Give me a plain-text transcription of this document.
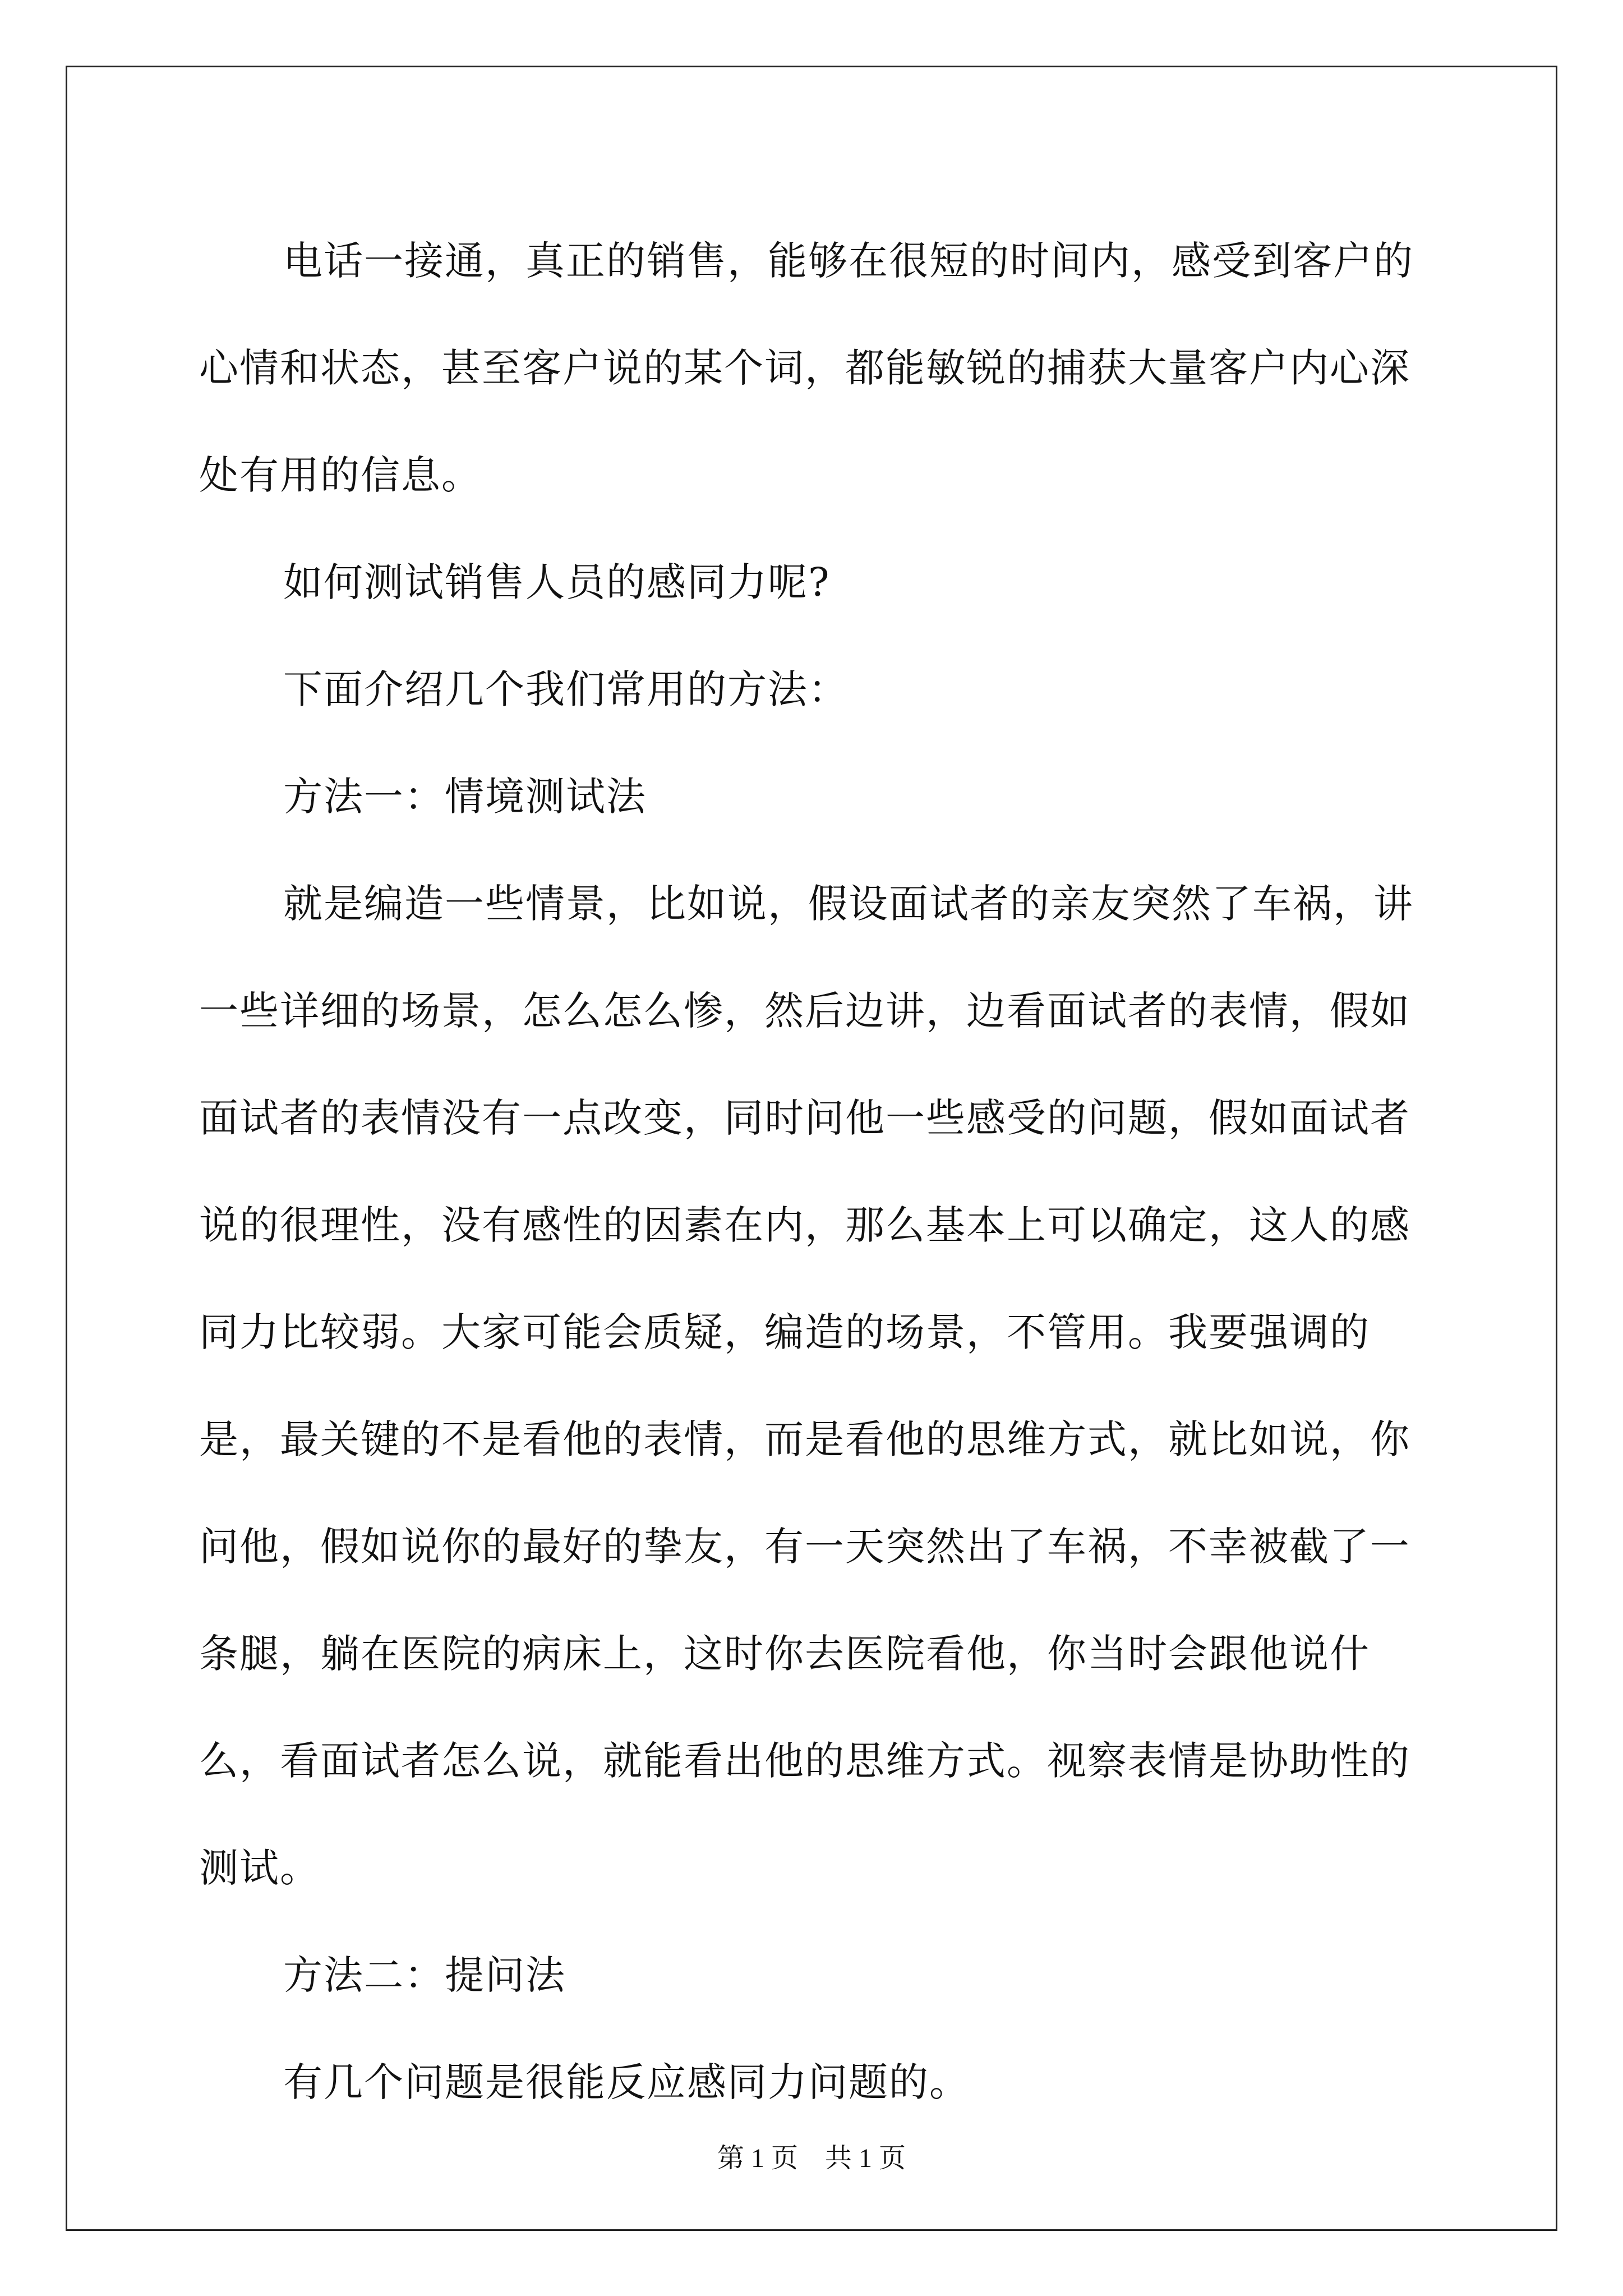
电话一接通，真正的销售，能够在很短的时间内，感受到客户的心情和状态，甚至客户说的某个词，都能敏锐的捕获大量客户内心深处有用的信息。

如何测试销售人员的感同力呢?

下面介绍几个我们常用的方法：

方法一：情境测试法

就是编造一些情景，比如说，假设面试者的亲友突然了车祸，讲一些详细的场景，怎么怎么惨，然后边讲，边看面试者的表情，假如面试者的表情没有一点改变，同时问他一些感受的问题，假如面试者说的很理性，没有感性的因素在内，那么基本上可以确定，这人的感同力比较弱。大家可能会质疑，编造的场景，不管用。我要强调的是，最关键的不是看他的表情，而是看他的思维方式，就比如说，你问他，假如说你的最好的挚友，有一天突然出了车祸，不幸被截了一条腿，躺在医院的病床上，这时你去医院看他，你当时会跟他说什么，看面试者怎么说，就能看出他的思维方式。视察表情是协助性的测试。

方法二：提问法

有几个问题是很能反应感同力问题的。

第 1 页　共 1 页
